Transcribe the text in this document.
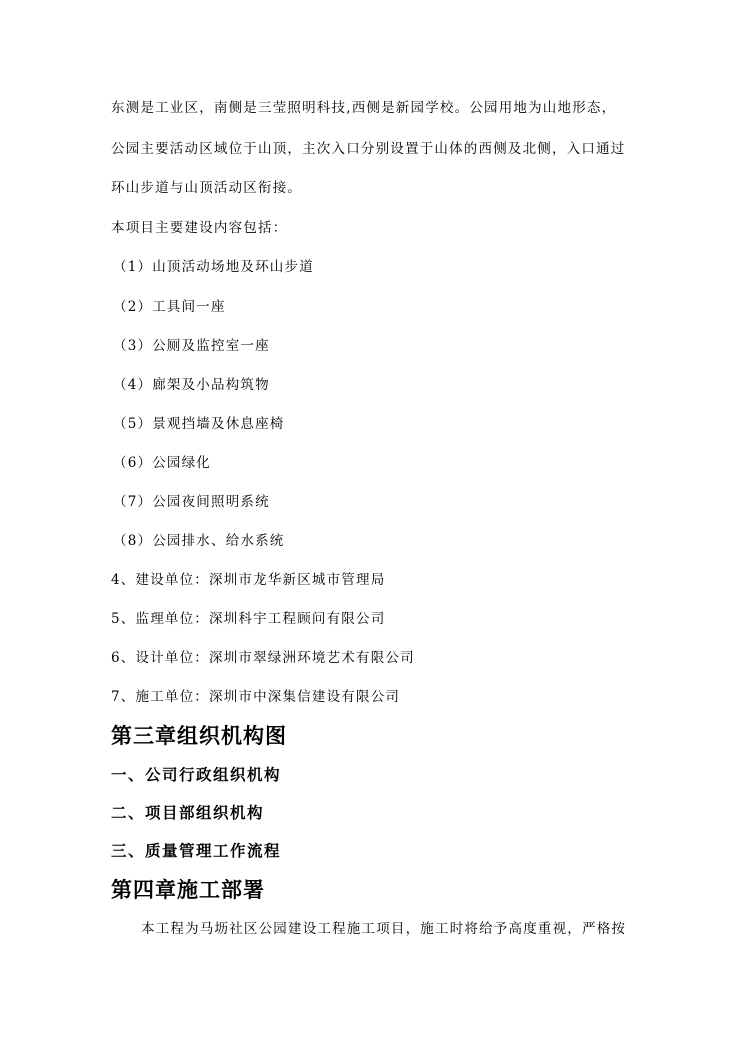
东测是工业区，南侧是三莹照明科技,西侧是新园学校。公园用地为山地形态，
公园主要活动区域位于山顶，主次入口分别设置于山体的西侧及北侧，入口通过
环山步道与山顶活动区衔接。
本项目主要建设内容包括：
（1）山顶活动场地及环山步道
（2）工具间一座
（3）公厕及监控室一座
（4）廊架及小品构筑物
（5）景观挡墙及休息座椅
（6）公园绿化
（7）公园夜间照明系统
（8）公园排水、给水系统
4、建设单位：深圳市龙华新区城市管理局
5、监理单位：深圳科宇工程顾问有限公司
6、设计单位：深圳市翠绿洲环境艺术有限公司
7、施工单位：深圳市中深集信建设有限公司
第三章组织机构图
一、公司行政组织机构
二、项目部组织机构
三、质量管理工作流程
第四章施工部署
本工程为马坜社区公园建设工程施工项目，施工时将给予高度重视，严格按
